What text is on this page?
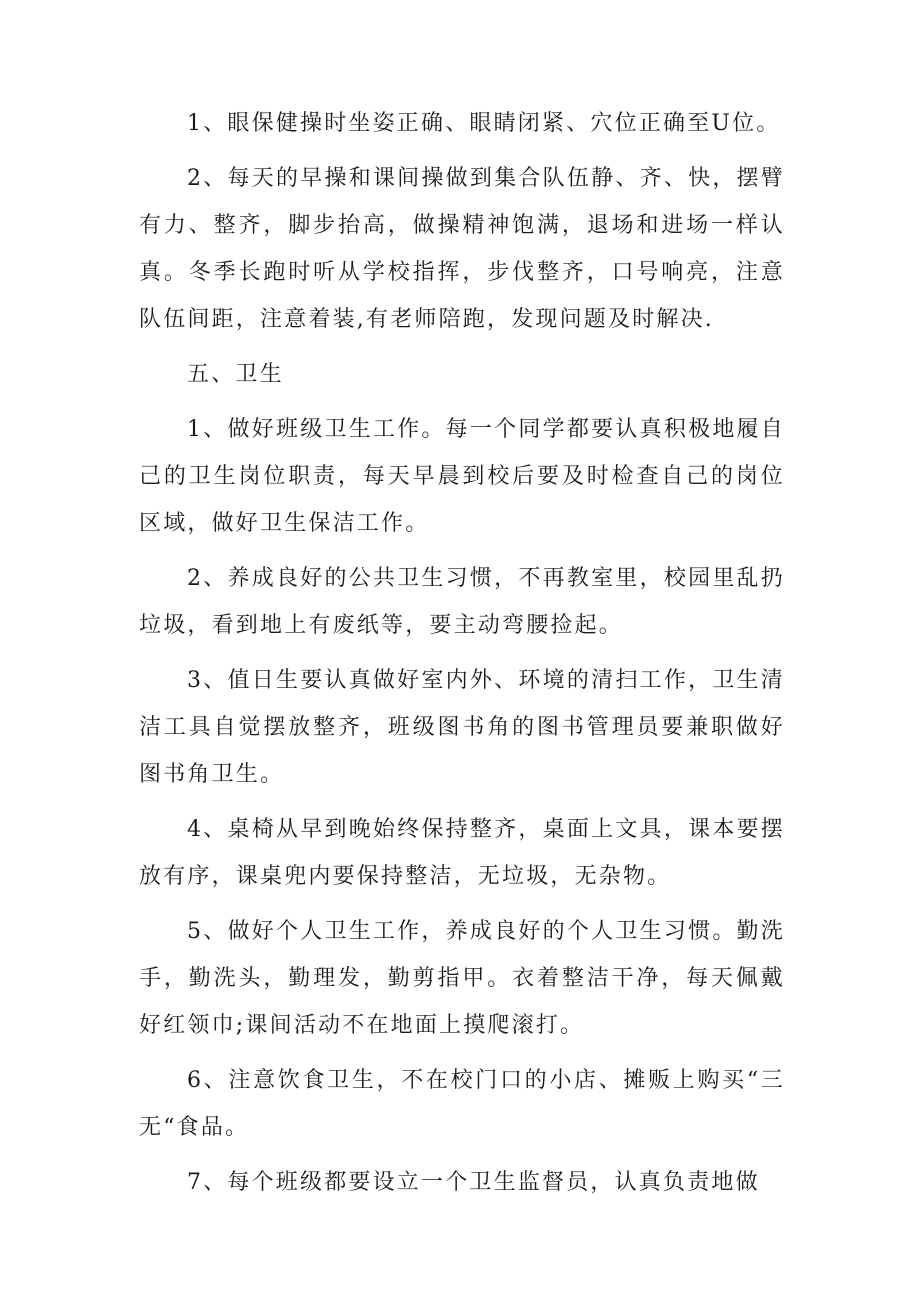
1、眼保健操时坐姿正确、眼睛闭紧、穴位正确至U位。

2、每天的早操和课间操做到集合队伍静、齐、快，摆臂有力、整齐，脚步抬高，做操精神饱满，退场和进场一样认真。冬季长跑时听从学校指挥，步伐整齐，口号响亮，注意队伍间距，注意着装,有老师陪跑，发现问题及时解决.

五、卫生

1、做好班级卫生工作。每一个同学都要认真积极地履自己的卫生岗位职责，每天早晨到校后要及时检查自己的岗位区域，做好卫生保洁工作。

2、养成良好的公共卫生习惯，不再教室里，校园里乱扔垃圾，看到地上有废纸等，要主动弯腰捡起。

3、值日生要认真做好室内外、环境的清扫工作，卫生清洁工具自觉摆放整齐，班级图书角的图书管理员要兼职做好图书角卫生。

4、桌椅从早到晚始终保持整齐，桌面上文具，课本要摆放有序，课桌兜内要保持整洁，无垃圾，无杂物。

5、做好个人卫生工作，养成良好的个人卫生习惯。勤洗手，勤洗头，勤理发，勤剪指甲。衣着整洁干净，每天佩戴好红领巾;课间活动不在地面上摸爬滚打。

6、注意饮食卫生，不在校门口的小店、摊贩上购买“三无“食品。

7、每个班级都要设立一个卫生监督员，认真负责地做
